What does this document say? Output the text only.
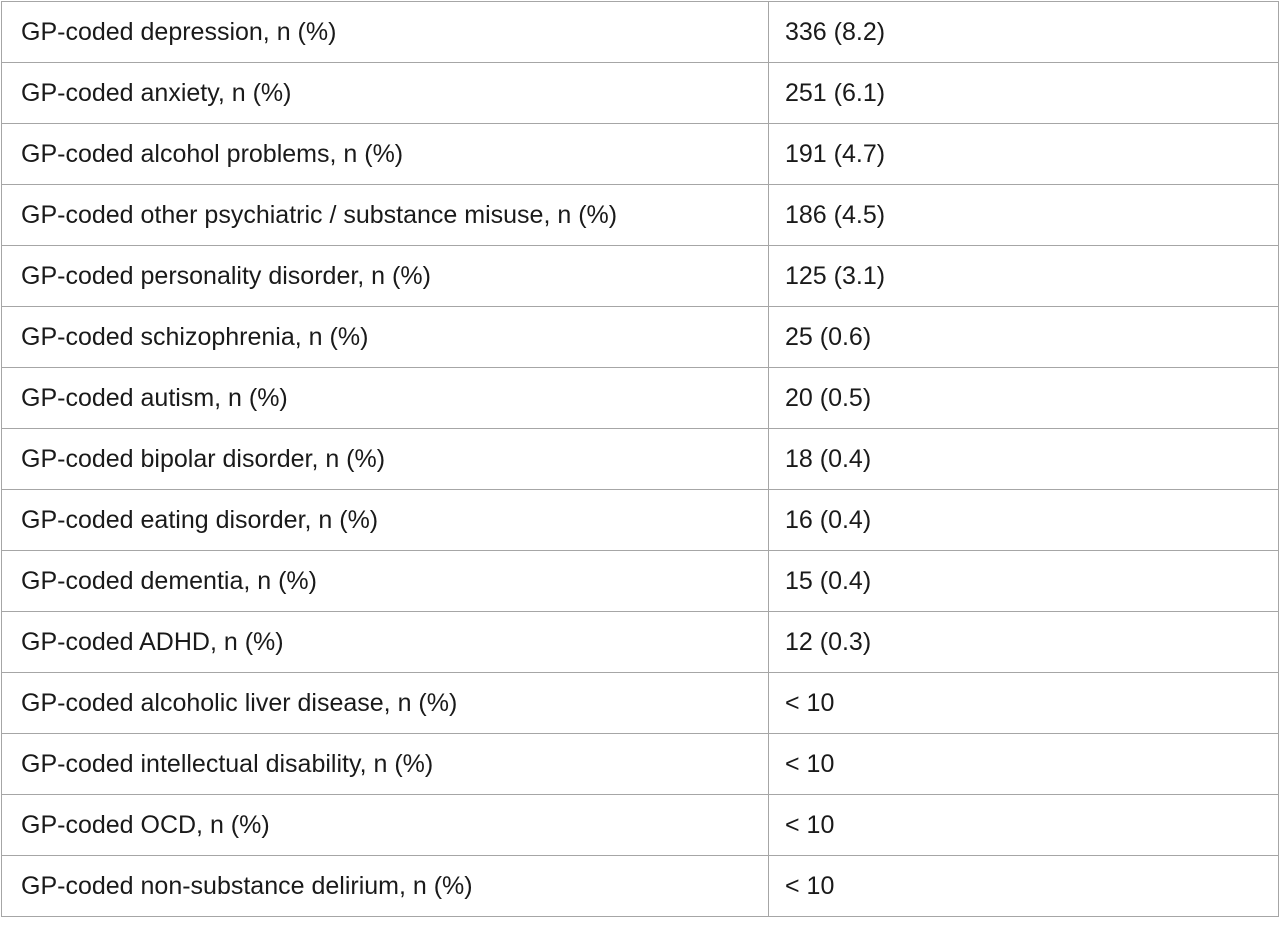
GP-coded depression, n (%)	336 (8.2)
GP-coded anxiety, n (%)	251 (6.1)
GP-coded alcohol problems, n (%)	191 (4.7)
GP-coded other psychiatric / substance misuse, n (%)	186 (4.5)
GP-coded personality disorder, n (%)	125 (3.1)
GP-coded schizophrenia, n (%)	25 (0.6)
GP-coded autism, n (%)	20 (0.5)
GP-coded bipolar disorder, n (%)	18 (0.4)
GP-coded eating disorder, n (%)	16 (0.4)
GP-coded dementia, n (%)	15 (0.4)
GP-coded ADHD, n (%)	12 (0.3)
GP-coded alcoholic liver disease, n (%)	< 10
GP-coded intellectual disability, n (%)	< 10
GP-coded OCD, n (%)	< 10
GP-coded non-substance delirium, n (%)	< 10
